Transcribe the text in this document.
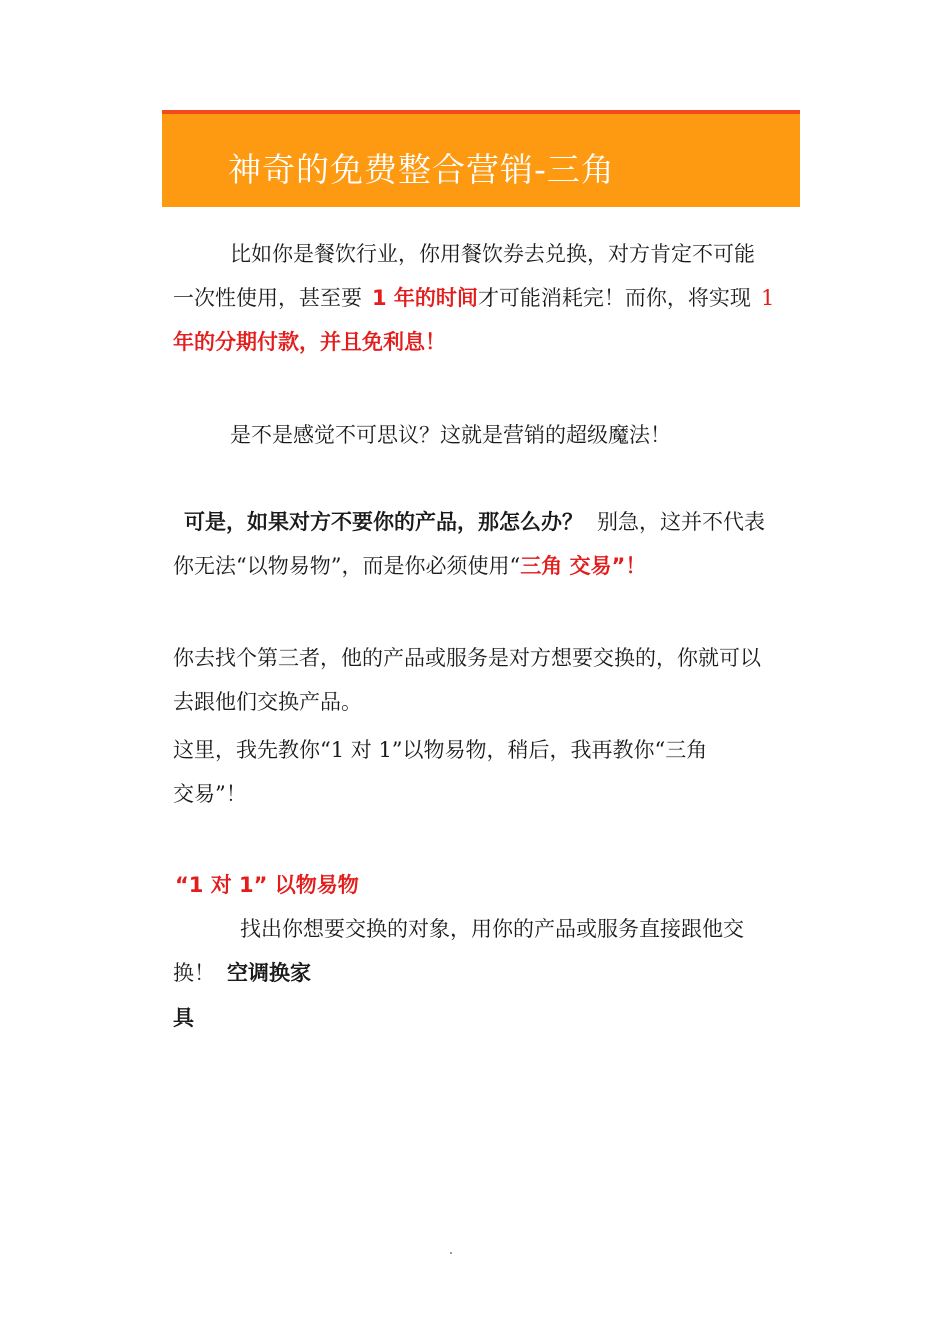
神奇的免费整合营销-三角
比如你是餐饮行业，你用餐饮券去兑换，对方肯定不可能
一次性使用，甚至要 1 年的时间才可能消耗完！而你，将实现 1
年的分期付款，并且免利息！
是不是感觉不可思议？这就是营销的超级魔法！
可是，如果对方不要你的产品，那怎么办？ 别急，这并不代表
你无法“以物易物”，而是你必须使用“三角 交易”！
你去找个第三者，他的产品或服务是对方想要交换的，你就可以
去跟他们交换产品。
这里，我先教你“1 对 1”以物易物，稍后，我再教你“三角
交易”！
“1 对 1” 以物易物
找出你想要交换的对象，用你的产品或服务直接跟他交
换！ 空调换家
具
